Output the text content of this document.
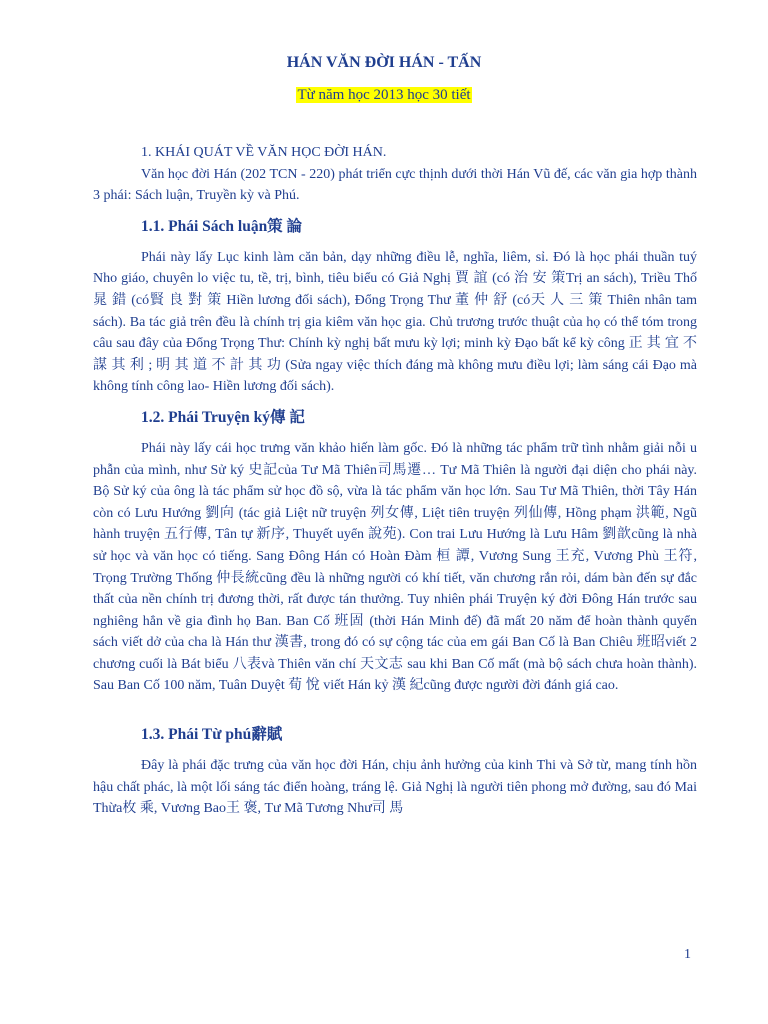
HÁN VĂN ĐỜI HÁN - TẤN
Từ năm học 2013 học 30 tiết

1. KHÁI QUÁT VỀ VĂN HỌC ĐỜI HÁN.

Văn học đời Hán (202 TCN - 220) phát triển cực thịnh dưới thời Hán Vũ đế, các văn gia hợp thành 3 phái: Sách luận, Truyền kỳ và Phú.

1.1. Phái Sách luận策 論

Phái này lấy Lục kinh làm căn bản, dạy những điều lễ, nghĩa, liêm, sỉ. Đó là học phái thuần tuý Nho giáo, chuyên lo việc tu, tề, trị, bình, tiêu biểu có Giả Nghị 賈 誼 (có 治 安 策Trị an sách), Triều Thố 晁 錯 (có賢 良 對 策 Hiền lương đối sách), Đổng Trọng Thư 董 仲 舒 (có天 人 三 策 Thiên nhân tam sách). Ba tác giả trên đều là chính trị gia kiêm văn học gia. Chủ trương trước thuật của họ có thể tóm trong câu sau đây của Đổng Trọng Thư: Chính kỳ nghị bất mưu kỳ lợi; minh kỳ Đạo bất kể kỳ công 正 其 宜 不 謀 其 利 ; 明 其 道 不 計 其 功 (Sửa ngay việc thích đáng mà không mưu điều lợi; làm sáng cái Đạo mà không tính công lao- Hiền lương đối sách).

1.2. Phái Truyện ký傳 記

Phái này lấy cái học trưng văn khảo hiến làm gốc. Đó là những tác phẩm trữ tình nhằm giải nỗi u phẫn của mình, như Sử ký 史記của Tư Mã Thiên司馬遷… Tư Mã Thiên là người đại diện cho phái này. Bộ Sử ký của ông là tác phẩm sử học đồ sộ, vừa là tác phẩm văn học lớn. Sau Tư Mã Thiên, thời Tây Hán còn có Lưu Hướng 劉向 (tác giả Liệt nữ truyện 列女傳, Liệt tiên truyện 列仙傳, Hồng phạm 洪範, Ngũ hành truyện 五行傳, Tân tự 新序, Thuyết uyển 說苑). Con trai Lưu Hướng là Lưu Hâm 劉歆cũng là nhà sử học và văn học có tiếng. Sang Đông Hán có Hoàn Đàm 桓 譚, Vương Sung 王充, Vương Phù 王符, Trọng Trường Thống 仲長統cũng đều là những người có khí tiết, văn chương rắn rỏi, dám bàn đến sự đắc thất của nền chính trị đương thời, rất được tán thưởng. Tuy nhiên phái Truyện ký đời Đông Hán trước sau nghiêng hẳn về gia đình họ Ban. Ban Cố 班固 (thời Hán Minh đế) đã mất 20 năm để hoàn thành quyển sách viết dở của cha là Hán thư 漢書, trong đó có sự cộng tác của em gái Ban Cố là Ban Chiêu 班昭viết 2 chương cuối là Bát biểu 八表và Thiên văn chí 天文志 sau khi Ban Cố mất (mà bộ sách chưa hoàn thành). Sau Ban Cố 100 năm, Tuân Duyệt 荀 悅 viết Hán kỷ 漢 紀cũng được người đời đánh giá cao.

1.3. Phái Từ phú辭賦

Đây là phái đặc trưng của văn học đời Hán, chịu ảnh hưởng của kinh Thi và Sở từ, mang tính hồn hậu chất phác, là một lối sáng tác điển hoàng, tráng lệ. Giả Nghị là người tiên phong mở đường, sau đó Mai Thừa枚 乘, Vương Bao王 褒, Tư Mã Tương Như司 馬

1
